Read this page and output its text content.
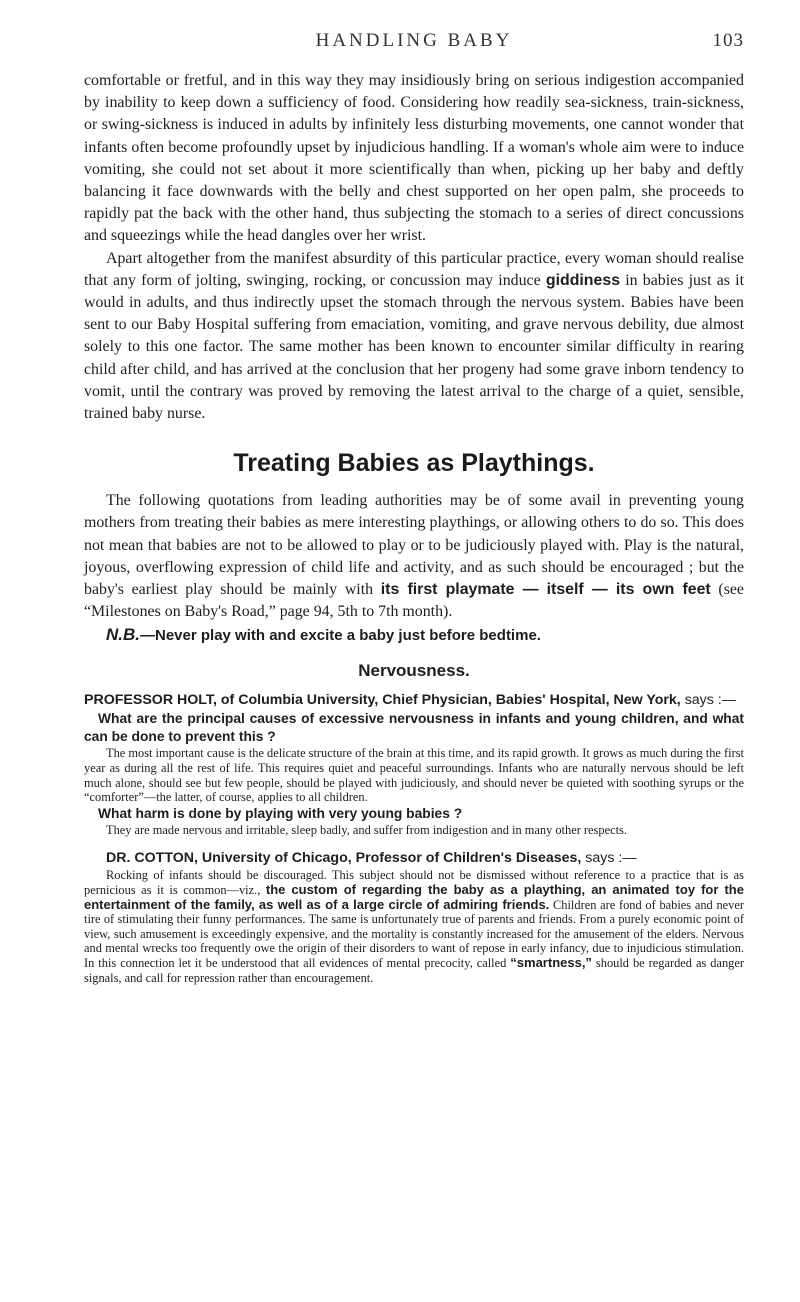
HANDLING BABY	103

comfortable or fretful, and in this way they may insidiously bring on serious indigestion accompanied by inability to keep down a sufficiency of food. Considering how readily sea-sickness, train-sickness, or swing-sickness is induced in adults by infinitely less disturbing movements, one cannot wonder that infants often become profoundly upset by injudicious handling. If a woman's whole aim were to induce vomiting, she could not set about it more scientifically than when, picking up her baby and deftly balancing it face downwards with the belly and chest supported on her open palm, she proceeds to rapidly pat the back with the other hand, thus subjecting the stomach to a series of direct concussions and squeezings while the head dangles over her wrist.

Apart altogether from the manifest absurdity of this particular practice, every woman should realise that any form of jolting, swinging, rocking, or concussion may induce giddiness in babies just as it would in adults, and thus indirectly upset the stomach through the nervous system. Babies have been sent to our Baby Hospital suffering from emaciation, vomiting, and grave nervous debility, due almost solely to this one factor. The same mother has been known to encounter similar difficulty in rearing child after child, and has arrived at the conclusion that her progeny had some grave inborn tendency to vomit, until the contrary was proved by removing the latest arrival to the charge of a quiet, sensible, trained baby nurse.

Treating Babies as Playthings.

The following quotations from leading authorities may be of some avail in preventing young mothers from treating their babies as mere interesting playthings, or allowing others to do so. This does not mean that babies are not to be allowed to play or to be judiciously played with. Play is the natural, joyous, overflowing expression of child life and activity, and as such should be encouraged ; but the baby's earliest play should be mainly with its first playmate — itself — its own feet (see “Milestones on Baby's Road,” page 94, 5th to 7th month).

N.B.—Never play with and excite a baby just before bedtime.
Nervousness.

PROFESSOR HOLT, of Columbia University, Chief Physician, Babies' Hospital, New York, says :—

What are the principal causes of excessive nervousness in infants and young children, and what can be done to prevent this ?

The most important cause is the delicate structure of the brain at this time, and its rapid growth. It grows as much during the first year as during all the rest of life. This requires quiet and peaceful surroundings. Infants who are naturally nervous should be left much alone, should see but few people, should be played with judiciously, and should never be quieted with soothing syrups or the “comforter”—the latter, of course, applies to all children.

What harm is done by playing with very young babies ?

They are made nervous and irritable, sleep badly, and suffer from indigestion and in many other respects.

DR. COTTON, University of Chicago, Professor of Children's Diseases, says :—

Rocking of infants should be discouraged. This subject should not be dismissed without reference to a practice that is as pernicious as it is common—viz., the custom of regarding the baby as a plaything, an animated toy for the entertainment of the family, as well as of a large circle of admiring friends. Children are fond of babies and never tire of stimulating their funny performances. The same is unfortunately true of parents and friends. From a purely economic point of view, such amusement is exceedingly expensive, and the mortality is constantly increased for the amusement of the elders. Nervous and mental wrecks too frequently owe the origin of their disorders to want of repose in early infancy, due to injudicious stimulation. In this connection let it be understood that all evidences of mental precocity, called “smartness,” should be regarded as danger signals, and call for repression rather than encouragement.
